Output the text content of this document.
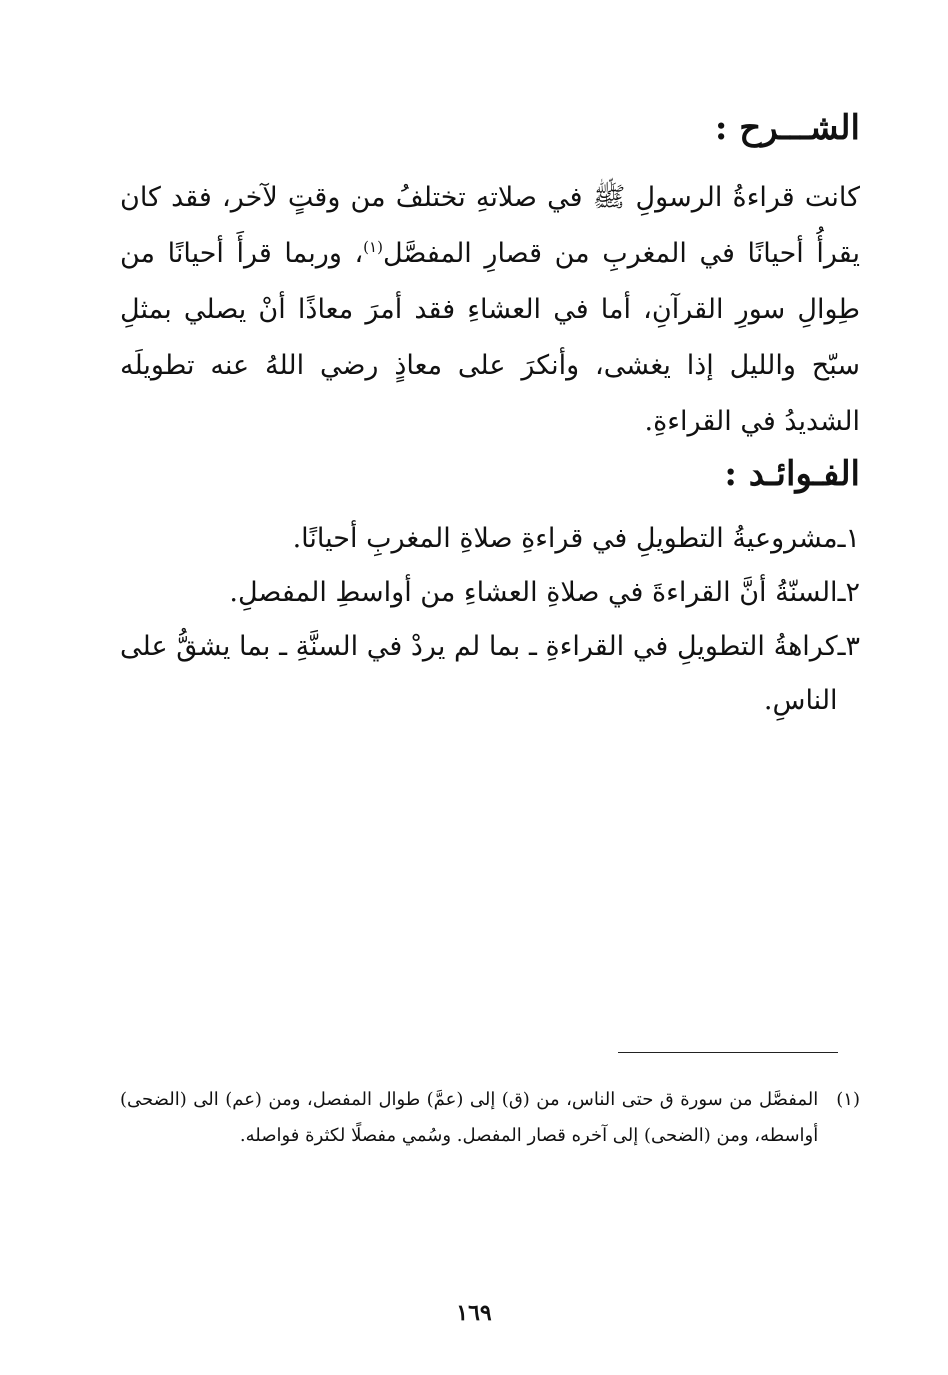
الشـــرح :

كانت قراءةُ الرسولِ ﷺ في صلاتهِ تختلفُ من وقتٍ لآخر، فقد كان يقرأُ أحيانًا في المغربِ من قصارِ المفصَّل$^{(١)}$، وربما قرأَ أحيانًا من طِوالِ سورِ القرآنِ، أما في العشاءِ فقد أمرَ معاذًا أنْ يصلي بمثلِ سبّح والليل إذا يغشى، وأنكرَ على معاذٍ رضي اللهُ عنه تطويلَه الشديدُ في القراءةِ.

الفـوائـد :
١ـ
مشروعيةُ التطويلِ في قراءةِ صلاةِ المغربِ أحيانًا.
٢ـ
السنّةُ أنَّ القراءةَ في صلاةِ العشاءِ من أواسطِ المفصلِ.
٣ـ
كراهةُ التطويلِ في القراءةِ ـ بما لم يردْ في السنَّةِ ـ بما يشقُّ على الناسِ.
(١)
المفصَّل من سورة ق حتى الناس، من (ق) إلى (عمَّ) طوال المفصل، ومن (عم) الى (الضحى) أواسطه، ومن (الضحى) إلى آخره قصار المفصل. وسُمي مفصلًا لكثرة فواصله.
١٦٩
